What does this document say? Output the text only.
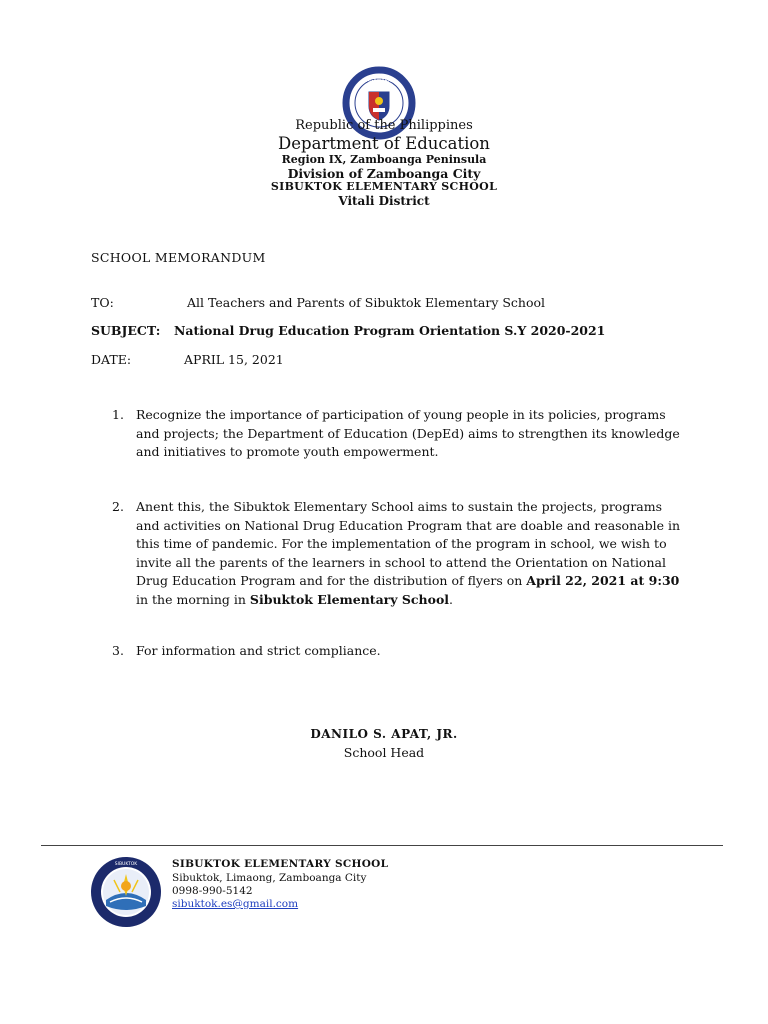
KAGAWARAN
Republic of the Philippines
Department of Education
Region IX, Zamboanga Peninsula
Division of Zamboanga City
SIBUKTOK ELEMENTARY SCHOOL
Vitali District
SCHOOL MEMORANDUM
TO:	All Teachers and Parents of Sibuktok Elementary School
SUBJECT: National Drug Education Program Orientation S.Y 2020-2021
DATE:	APRIL 15, 2021
1. Recognize the importance of participation of young people in its policies, programs and projects; the Department of Education (DepEd) aims to strengthen its knowledge and initiatives to promote youth empowerment.
2. Anent this, the Sibuktok Elementary School aims to sustain the projects, programs and activities on National Drug Education Program that are doable and reasonable in this time of pandemic. For the implementation of the program in school, we wish to invite all the parents of the learners in school to attend the Orientation on National Drug Education Program and for the distribution of flyers on April 22, 2021 at 9:30 in the morning in Sibuktok Elementary School.
3. For information and strict compliance.
DANILO S. APAT, JR.
School Head
SIBUKTOK	SIBUKTOK ELEMENTARY SCHOOL
Sibuktok, Limaong, Zamboanga City
0998-990-5142
sibuktok.es@gmail.com
